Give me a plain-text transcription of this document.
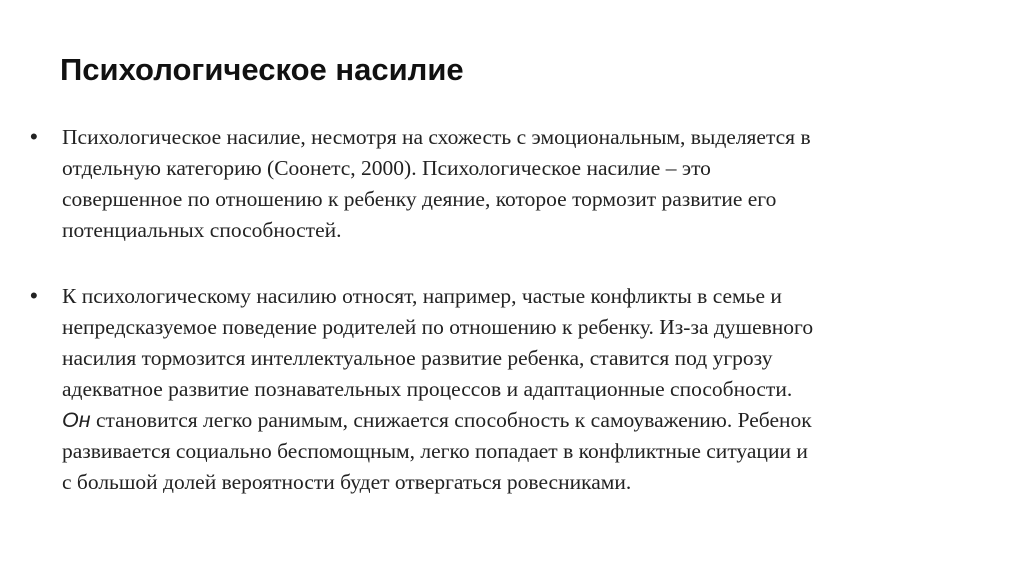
Психологическое насилие
• Психологическое насилие, несмотря на схожесть с эмоциональным, выделяется в
отдельную категорию (Соонетс, 2000). Психологическое насилие – это
совершенное по отношению к ребенку деяние, которое тормозит развитие его
потенциальных способностей.
• К психологическому насилию относят, например, частые конфликты в семье и
непредсказуемое поведение родителей по отношению к ребенку. Из-за душевного
насилия тормозится интеллектуальное развитие ребенка, ставится под угрозу
адекватное развитие познавательных процессов и адаптационные способности.
Он становится легко ранимым, снижается способность к самоуважению. Ребенок
развивается социально беспомощным, легко попадает в конфликтные ситуации и
с большой долей вероятности будет отвергаться ровесниками.
